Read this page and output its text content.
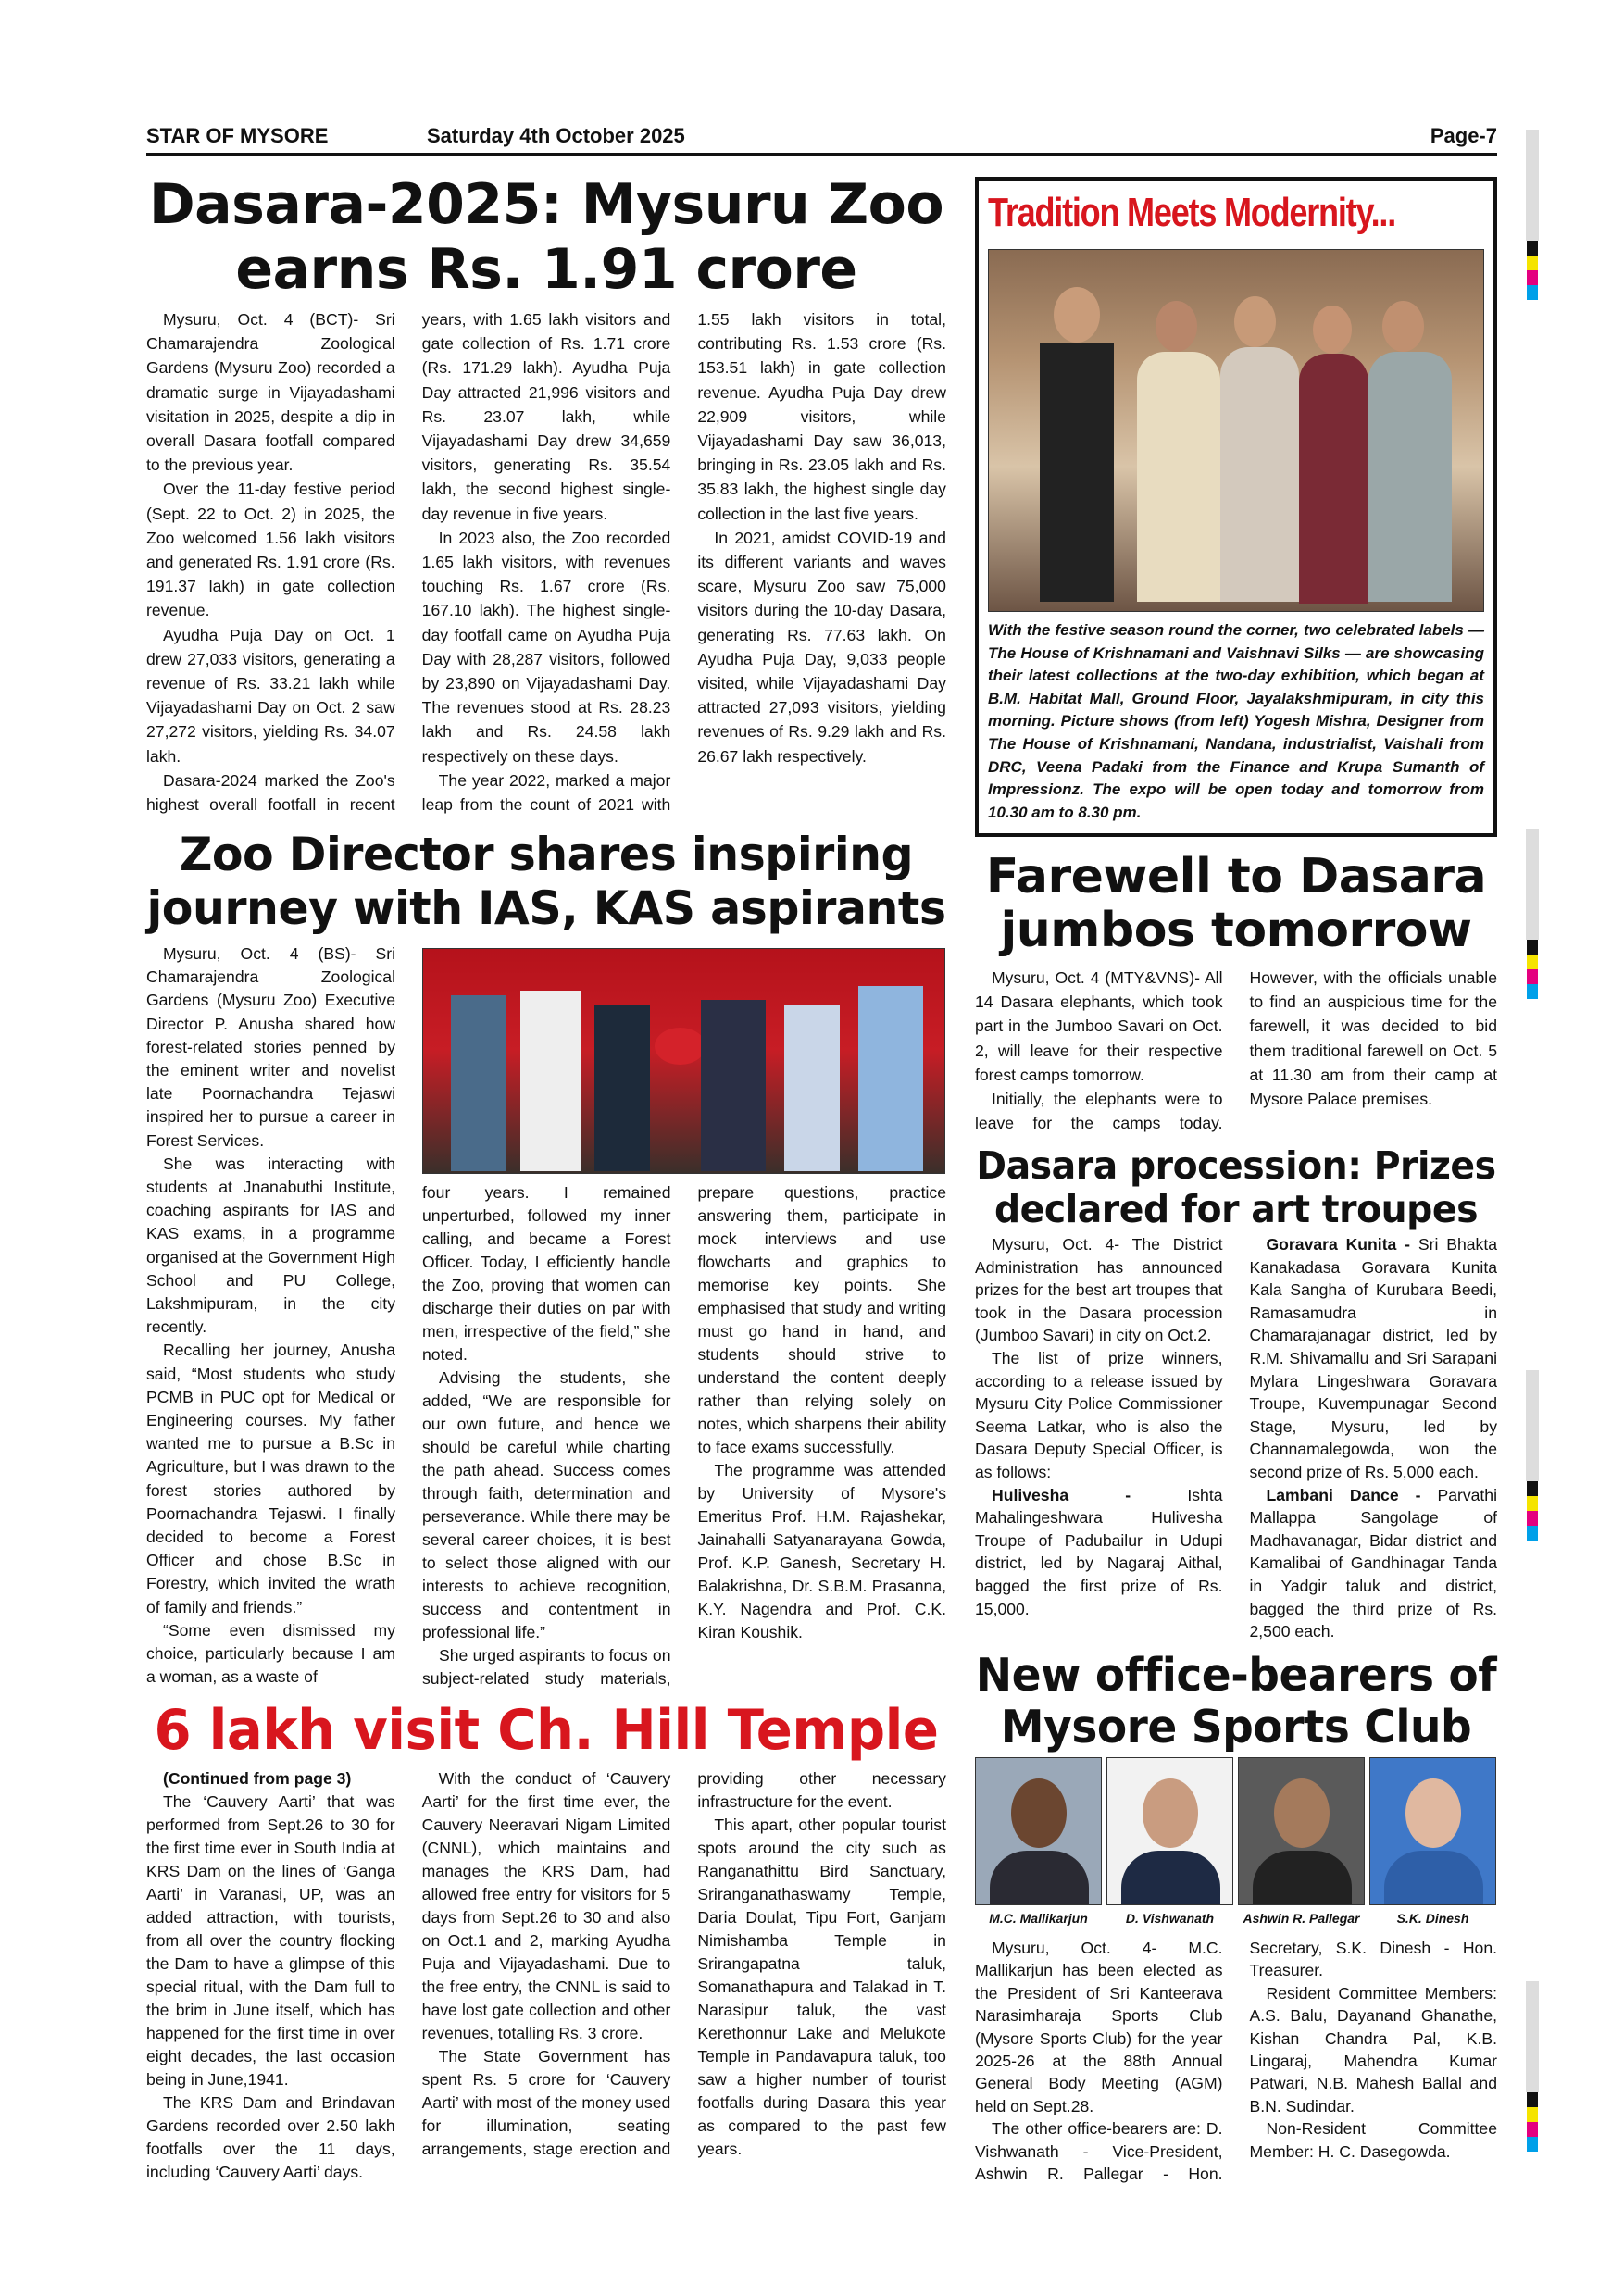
STAR OF MYSORE	Saturday 4th October 2025	Page-7
Dasara-2025: Mysuru Zoo earns Rs. 1.91 crore

Mysuru, Oct. 4 (BCT)- Sri Chamarajendra Zoological Gardens (Mysuru Zoo) recorded a dramatic surge in Vijayadashami visitation in 2025, despite a dip in overall Dasara footfall compared to the previous year.

Over the 11-day festive period (Sept. 22 to Oct. 2) in 2025, the Zoo welcomed 1.56 lakh visitors and generated Rs. 1.91 crore (Rs. 191.37 lakh) in gate collection revenue.

Ayudha Puja Day on Oct. 1 drew 27,033 visitors, generating a revenue of Rs. 33.21 lakh while Vijayadashami Day on Oct. 2 saw 27,272 visitors, yielding Rs. 34.07 lakh.

Dasara-2024 marked the Zoo's highest overall footfall in recent years, with 1.65 lakh visitors and gate collection of Rs. 1.71 crore (Rs. 171.29 lakh). Ayudha Puja Day attracted 21,996 visitors and Rs. 23.07 lakh, while Vijayadashami Day drew 34,659 visitors, generating Rs. 35.54 lakh, the second highest single-day revenue in five years.

In 2023 also, the Zoo recorded 1.65 lakh visitors, with revenues touching Rs. 1.67 crore (Rs. 167.10 lakh). The highest single-day footfall came on Ayudha Puja Day with 28,287 visitors, followed by 23,890 on Vijayadashami Day. The revenues stood at Rs. 28.23 lakh and Rs. 24.58 lakh respectively on these days.

The year 2022, marked a major leap from the count of 2021 with 1.55 lakh visitors in total, contributing Rs. 1.53 crore (Rs. 153.51 lakh) in gate collection revenue. Ayudha Puja Day drew 22,909 visitors, while Vijayadashami Day saw 36,013, bringing in Rs. 23.05 lakh and Rs. 35.83 lakh, the highest single day collection in the last five years.

In 2021, amidst COVID-19 and its different variants and waves scare, Mysuru Zoo saw 75,000 visitors during the 10-day Dasara, generating Rs. 77.63 lakh. On Ayudha Puja Day, 9,033 people visited, while Vijayadashami Day attracted 27,093 visitors, yielding revenues of Rs. 9.29 lakh and Rs. 26.67 lakh respectively.

Tradition Meets Modernity...
With the festive season round the corner, two celebrated labels — The House of Krishnamani and Vaishnavi Silks — are showcasing their latest collections at the two-day exhibition, which began at B.M. Habitat Mall, Ground Floor, Jayalakshmipuram, in city this morning. Picture shows (from left) Yogesh Mishra, Designer from The House of Krishnamani, Nandana, industrialist, Vaishali from DRC, Veena Padaki from the Finance and Krupa Sumanth of Impressionz. The expo will be open today and tomorrow from 10.30 am to 8.30 pm.
Zoo Director shares inspiring journey with IAS, KAS aspirants

Mysuru, Oct. 4 (BS)- Sri Chamarajendra Zoological Gardens (Mysuru Zoo) Executive Director P. Anusha shared how forest-related stories penned by the eminent writer and novelist late Poornachandra Tejaswi inspired her to pursue a career in Forest Services.

She was interacting with students at Jnanabuthi Institute, coaching aspirants for IAS and KAS exams, in a programme organised at the Government High School and PU College, Lakshmipuram, in the city recently.

Recalling her journey, Anusha said, “Most students who study PCMB in PUC opt for Medical or Engineering courses. My father wanted me to pursue a B.Sc in Agriculture, but I was drawn to the forest stories authored by Poornachandra Tejaswi. I finally decided to become a Forest Officer and chose B.Sc in Forestry, which invited the wrath of family and friends.”

“Some even dismissed my choice, particularly because I am a woman, as a waste of

four years. I remained unperturbed, followed my inner calling, and became a Forest Officer. Today, I efficiently handle the Zoo, proving that women can discharge their duties on par with men, irrespective of the field,” she noted.

Advising the students, she added, “We are responsible for our own future, and hence we should be careful while charting the path ahead. Success comes through faith, determination and perseverance. While there may be several career choices, it is best to select those aligned with our interests to achieve recognition, success and contentment in professional life.”

She urged aspirants to focus on subject-related study materials, prepare questions, practice answering them, participate in mock interviews and use flowcharts and graphics to memorise key points. She emphasised that study and writing must go hand in hand, and students should strive to understand the content deeply rather than relying solely on notes, which sharpens their ability to face exams successfully.

The programme was attended by University of Mysore's Emeritus Prof. H.M. Rajashekar, Jainahalli Satyanarayana Gowda, Prof. K.P. Ganesh, Secretary H. Balakrishna, Dr. S.B.M. Prasanna, K.Y. Nagendra and Prof. C.K. Kiran Koushik.

6 lakh visit Ch. Hill Temple

(Continued from page 3)

The ‘Cauvery Aarti’ that was performed from Sept.26 to 30 for the first time ever in South India at KRS Dam on the lines of ‘Ganga Aarti’ in Varanasi, UP, was an added attraction, with tourists, from all over the country flocking the Dam to have a glimpse of this special ritual, with the Dam full to the brim in June itself, which has happened for the first time in over eight decades, the last occasion being in June,1941.

The KRS Dam and Brindavan Gardens recorded over 2.50 lakh footfalls over the 11 days, including ‘Cauvery Aarti’ days.

With the conduct of ‘Cauvery Aarti’ for the first time ever, the Cauvery Neeravari Nigam Limited (CNNL), which maintains and manages the KRS Dam, had allowed free entry for visitors for 5 days from Sept.26 to 30 and also on Oct.1 and 2, marking Ayudha Puja and Vijayadashami. Due to the free entry, the CNNL is said to have lost gate collection and other revenues, totalling Rs. 3 crore.

The State Government has spent Rs. 5 crore for ‘Cauvery Aarti’ with most of the money used for illumination, seating arrangements, stage erection and providing other necessary infrastructure for the event.

This apart, other popular tourist spots around the city such as Ranganathittu Bird Sanctuary, Sriranganathaswamy Temple, Daria Doulat, Tipu Fort, Ganjam Nimishamba Temple in Srirangapatna taluk, Somanathapura and Talakad in T. Narasipur taluk, the vast Kerethonnur Lake and Melukote Temple in Pandavapura taluk, too saw a higher number of tourist footfalls during Dasara this year as compared to the past few years.

Farewell to Dasara jumbos tomorrow

Mysuru, Oct. 4 (MTY&VNS)- All 14 Dasara elephants, which took part in the Jumboo Savari on Oct. 2, will leave for their respective forest camps tomorrow.

Initially, the elephants were to leave for the camps today. However, with the officials unable to find an auspicious time for the farewell, it was decided to bid them traditional farewell on Oct. 5 at 11.30 am from their camp at Mysore Palace premises.

Dasara procession: Prizes declared for art troupes

Mysuru, Oct. 4- The District Administration has announced prizes for the best art troupes that took in the Dasara procession (Jumboo Savari) in city on Oct.2.

The list of prize winners, according to a release issued by Mysuru City Police Commissioner Seema Latkar, who is also the Dasara Deputy Special Officer, is as follows:

Hulivesha - Ishta Mahalingeshwara Hulivesha Troupe of Padubailur in Udupi district, led by Nagaraj Aithal, bagged the first prize of Rs. 15,000.

Goravara Kunita - Sri Bhakta Kanakadasa Goravara Kunita Kala Sangha of Kurubara Beedi, Ramasamudra in Chamarajanagar district, led by R.M. Shivamallu and Sri Sarapani Mylara Lingeshwara Goravara Troupe, Kuvempunagar Second Stage, Mysuru, led by Channamalegowda, won the second prize of Rs. 5,000 each.

Lambani Dance - Parvathi Mallappa Sangolage of Madhavanagar, Bidar district and Kamalibai of Gandhinagar Tanda in Yadgir taluk and district, bagged the third prize of Rs. 2,500 each.

New office-bearers of Mysore Sports Club
M.C. Mallikarjun	D. Vishwanath	Ashwin R. Pallegar	S.K. Dinesh

Mysuru, Oct. 4- M.C. Mallikarjun has been elected as the President of Sri Kanteerava Narasimharaja Sports Club (Mysore Sports Club) for the year 2025-26 at the 88th Annual General Body Meeting (AGM) held on Sept.28.

The other office-bearers are: D. Vishwanath - Vice-President, Ashwin R. Pallegar - Hon. Secretary, S.K. Dinesh - Hon. Treasurer.

Resident Committee Members: A.S. Balu, Dayanand Ghanathe, Kishan Chandra Pal, K.B. Lingaraj, Mahendra Kumar Patwari, N.B. Mahesh Ballal and B.N. Sudindar.

Non-Resident Committee Member: H. C. Dasegowda.
